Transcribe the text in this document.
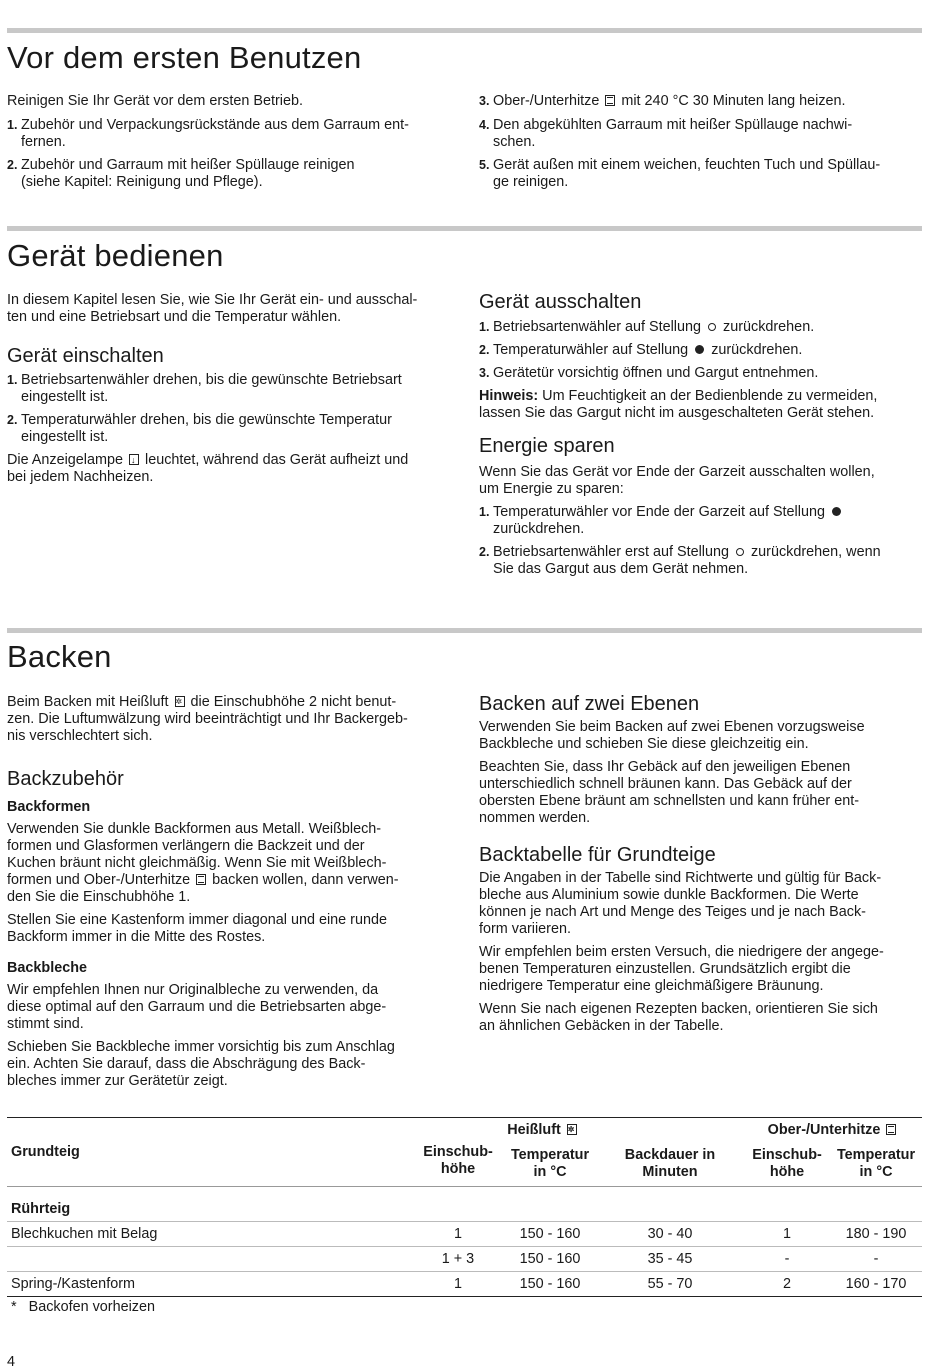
Vor dem ersten Benutzen

Reinigen Sie Ihr Gerät vor dem ersten Betrieb.

1. Zubehör und Verpackungsrückstände aus dem Garraum ent-
fernen.
2. Zubehör und Garraum mit heißer Spüllauge reinigen
(siehe Kapitel: Reinigung und Pflege).
3. Ober-/Unterhitze mit 240 °C 30 Minuten lang heizen.
4. Den abgekühlten Garraum mit heißer Spüllauge nachwi-
schen.
5. Gerät außen mit einem weichen, feuchten Tuch und Spüllau-
ge reinigen.
Gerät bedienen

In diesem Kapitel lesen Sie, wie Sie Ihr Gerät ein- und ausschal-
ten und eine Betriebsart und die Temperatur wählen.

Gerät einschalten
1. Betriebsartenwähler drehen, bis die gewünschte Betriebsart
eingestellt ist.
2. Temperaturwähler drehen, bis die gewünschte Temperatur
eingestellt ist.

Die Anzeigelampe ↓ leuchtet, während das Gerät aufheizt und
bei jedem Nachheizen.

Gerät ausschalten
1. Betriebsartenwähler auf Stellung zurückdrehen.
2. Temperaturwähler auf Stellung zurückdrehen.
3. Gerätetür vorsichtig öffnen und Gargut entnehmen.

Hinweis: Um Feuchtigkeit an der Bedienblende zu vermeiden,
lassen Sie das Gargut nicht im ausgeschalteten Gerät stehen.

Energie sparen

Wenn Sie das Gerät vor Ende der Garzeit ausschalten wollen,
um Energie zu sparen:

1. Temperaturwähler vor Ende der Garzeit auf Stellung
zurückdrehen.
2. Betriebsartenwähler erst auf Stellung zurückdrehen, wenn
Sie das Gargut aus dem Gerät nehmen.
Backen

Beim Backen mit Heißluft ✲ die Einschubhöhe 2 nicht benut-
zen. Die Luftumwälzung wird beeinträchtigt und Ihr Backergeb-
nis verschlechtert sich.

Backzubehör
Backformen

Verwenden Sie dunkle Backformen aus Metall. Weißblech-
formen und Glasformen verlängern die Backzeit und der
Kuchen bräunt nicht gleichmäßig. Wenn Sie mit Weißblech-
formen und Ober-/Unterhitze backen wollen, dann verwen-
den Sie die Einschubhöhe 1.

Stellen Sie eine Kastenform immer diagonal und eine runde
Backform immer in die Mitte des Rostes.

Backbleche

Wir empfehlen Ihnen nur Originalbleche zu verwenden, da
diese optimal auf den Garraum und die Betriebsarten abge-
stimmt sind.

Schieben Sie Backbleche immer vorsichtig bis zum Anschlag
ein. Achten Sie darauf, dass die Abschrägung des Back-
bleches immer zur Gerätetür zeigt.

Backen auf zwei Ebenen

Verwenden Sie beim Backen auf zwei Ebenen vorzugsweise
Backbleche und schieben Sie diese gleichzeitig ein.

Beachten Sie, dass Ihr Gebäck auf den jeweiligen Ebenen
unterschiedlich schnell bräunen kann. Das Gebäck auf der
obersten Ebene bräunt am schnellsten und kann früher ent-
nommen werden.

Backtabelle für Grundteige

Die Angaben in der Tabelle sind Richtwerte und gültig für Back-
bleche aus Aluminium sowie dunkle Backformen. Die Werte
können je nach Art und Menge des Teiges und je nach Back-
form variieren.

Wir empfehlen beim ersten Versuch, die niedrigere der angege-
benen Temperaturen einzustellen. Grundsätzlich ergibt die
niedrigere Temperatur eine gleichmäßigere Bräunung.

Wenn Sie nach eigenen Rezepten backen, orientieren Sie sich
an ähnlichen Gebäcken in der Tabelle.

	Heißluft ✲			Ober-/Unterhitze	
Grundteig	Einschub-
höhe	Temperatur
in °C	Backdauer in
Minuten	Einschub-
höhe	Temperatur
in °C
Rührteig					
Blechkuchen mit Belag	1	150 - 160	30 - 40	1	180 - 190
	1 + 3	150 - 160	35 - 45	-	-
Spring-/Kastenform	1	150 - 160	55 - 70	2	160 - 170
* Backofen vorheizen
4
